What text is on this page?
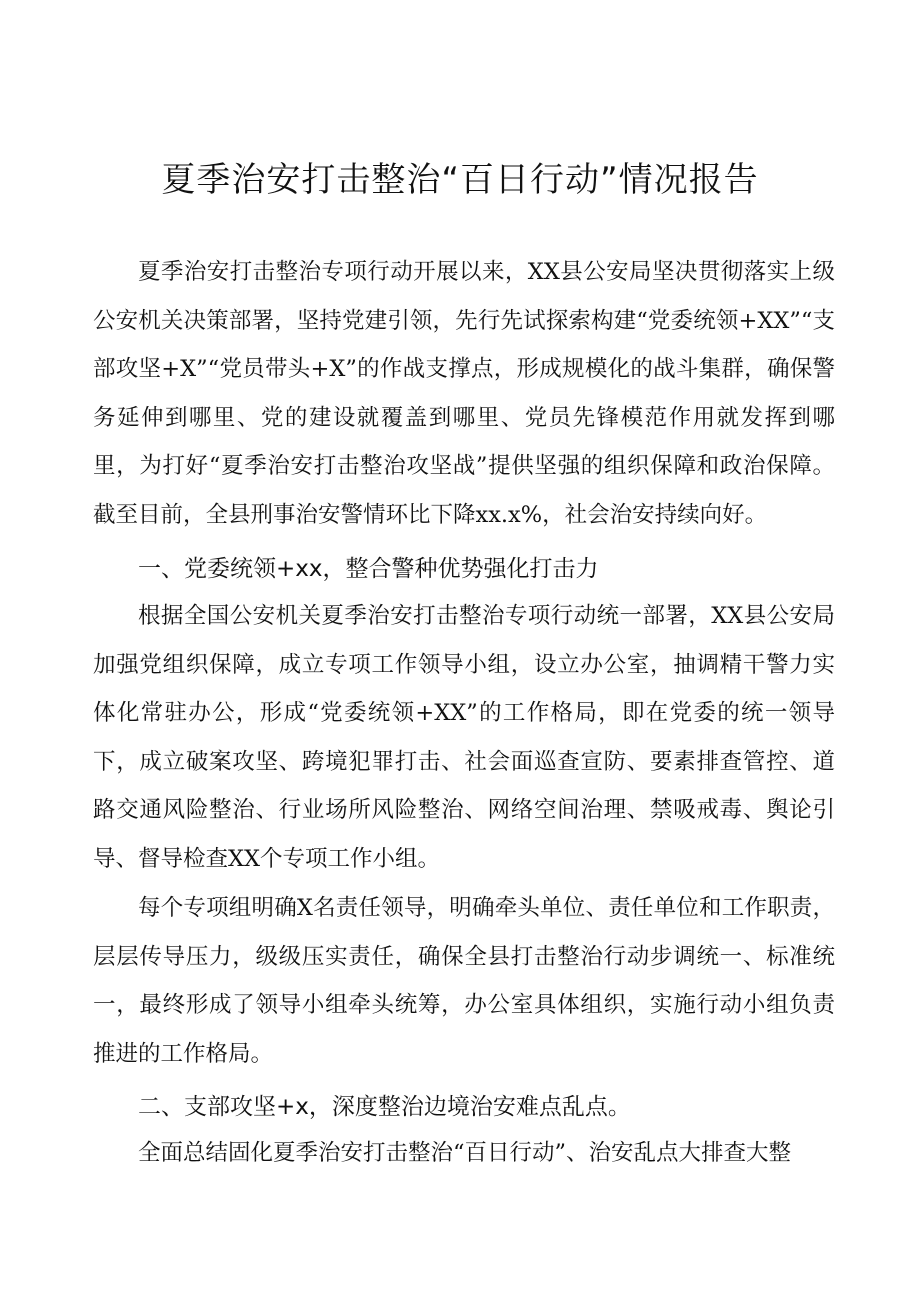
夏季治安打击整治“百日行动”情况报告

夏季治安打击整治专项行动开展以来，XX县公安局坚决贯彻落实上级公安机关决策部署，坚持党建引领，先行先试探索构建“党委统领+XX”“支部攻坚+X”“党员带头+X”的作战支撑点，形成规模化的战斗集群，确保警务延伸到哪里、党的建设就覆盖到哪里、党员先锋模范作用就发挥到哪里，为打好“夏季治安打击整治攻坚战”提供坚强的组织保障和政治保障。截至目前，全县刑事治安警情环比下降xx.x%，社会治安持续向好。

一、党委统领+xx，整合警种优势强化打击力

根据全国公安机关夏季治安打击整治专项行动统一部署，XX县公安局加强党组织保障，成立专项工作领导小组，设立办公室，抽调精干警力实体化常驻办公，形成“党委统领+XX”的工作格局，即在党委的统一领导下，成立破案攻坚、跨境犯罪打击、社会面巡查宣防、要素排查管控、道路交通风险整治、行业场所风险整治、网络空间治理、禁吸戒毒、舆论引导、督导检查XX个专项工作小组。

每个专项组明确X名责任领导，明确牵头单位、责任单位和工作职责，层层传导压力，级级压实责任，确保全县打击整治行动步调统一、标准统一，最终形成了领导小组牵头统筹，办公室具体组织，实施行动小组负责推进的工作格局。

二、支部攻坚+x，深度整治边境治安难点乱点。

全面总结固化夏季治安打击整治“百日行动”、治安乱点大排查大整
